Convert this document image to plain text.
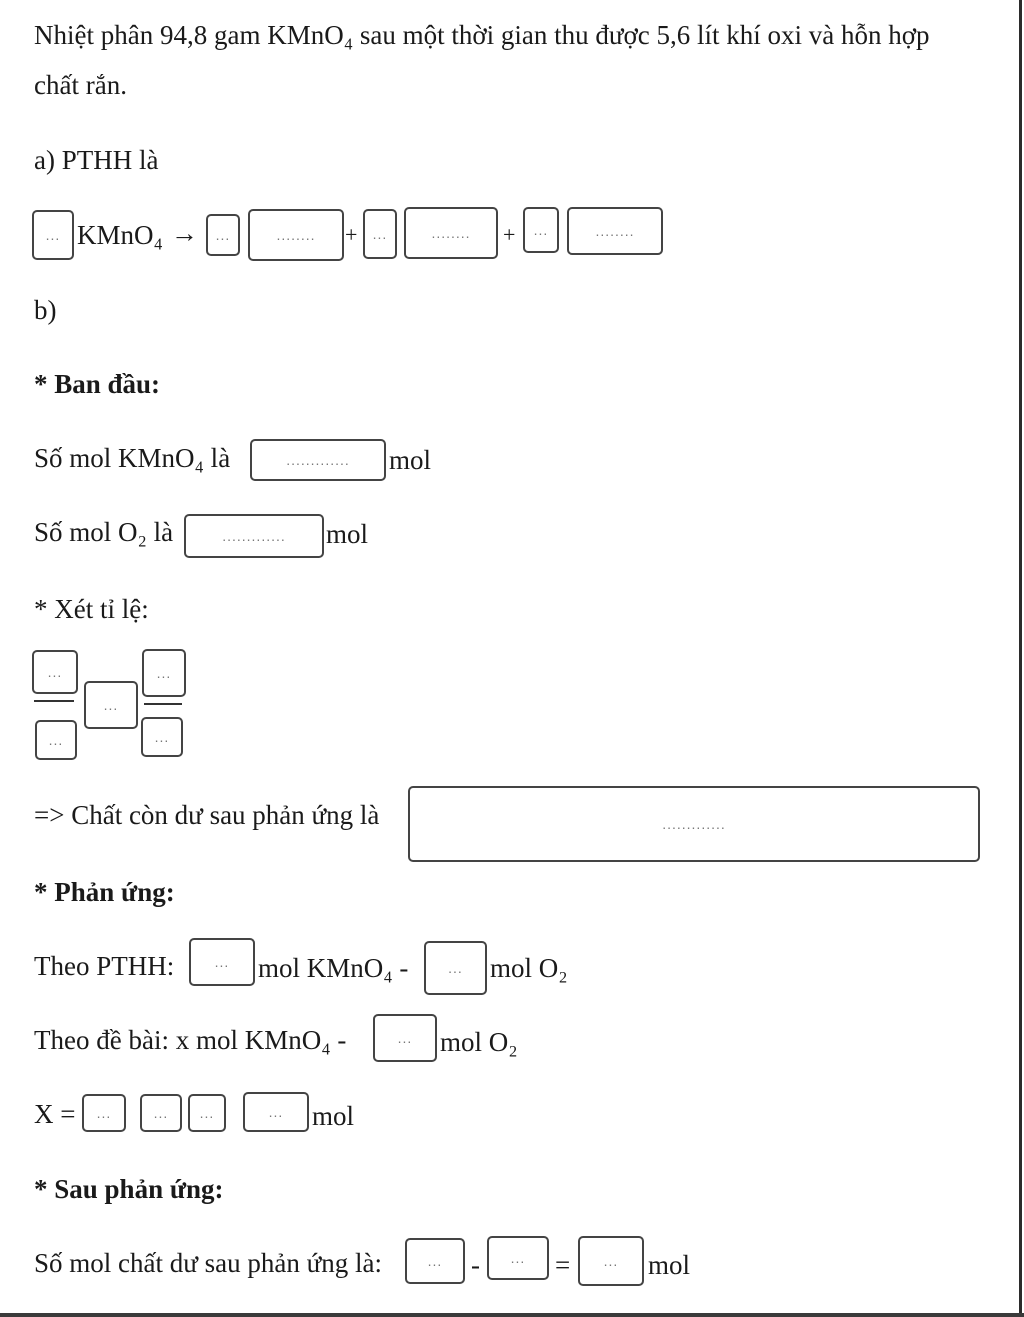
Nhiệt phân 94,8 gam KMnO₄ sau một thời gian thu được 5,6 lít khí oxi và hỗn hợp
chất rắn.
a) PTHH là
... KMnO₄ → ...	........ + ...	........ + ...	........
b)
* Ban đầu:
Số mol KMnO₄ là	............. mol
Số mol O₂ là	............. mol
* Xét tỉ lệ:
...
...
...
...
...
=> Chất còn dư sau phản ứng là	.............
* Phản ứng:
Theo PTHH:	... mol KMnO₄ -	... mol O₂
Theo đề bài: x mol KMnO₄ -	... mol O₂
X = ...	... ...	... mol
* Sau phản ứng:
Số mol chất dư sau phản ứng là:	... - ... = ... mol
